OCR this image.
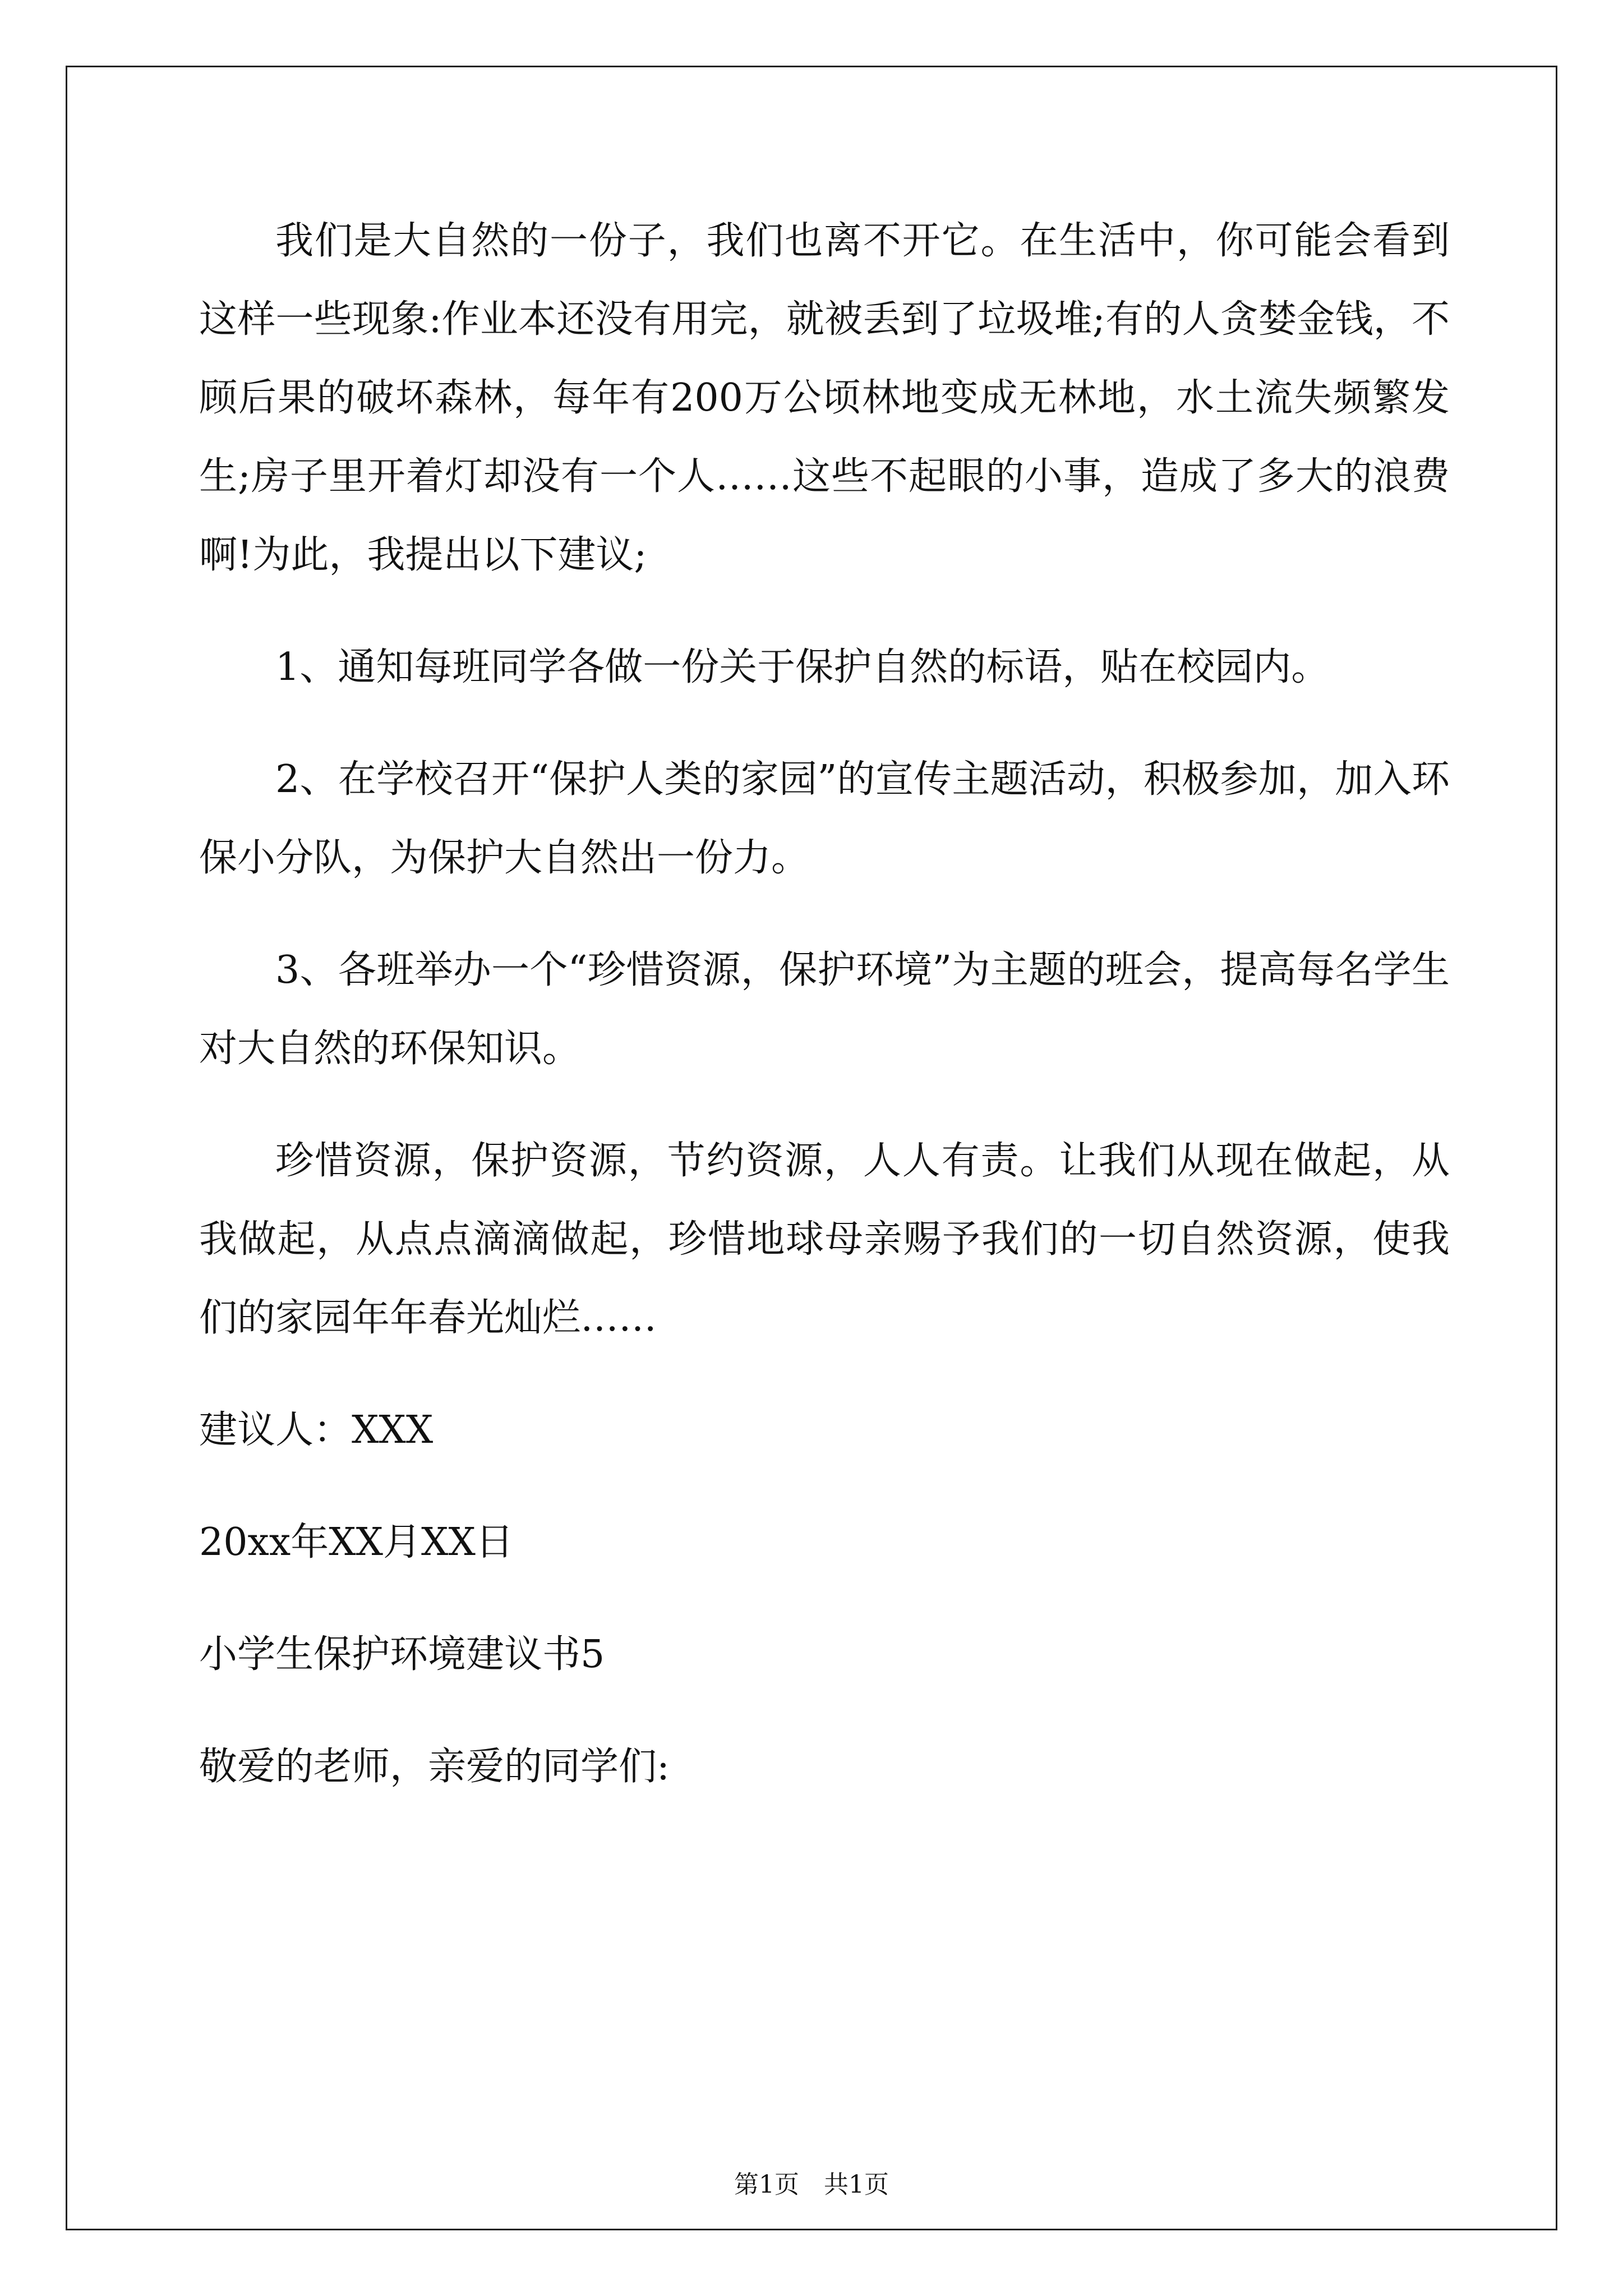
我们是大自然的一份子，我们也离不开它。在生活中，你可能会看到这样一些现象:作业本还没有用完，就被丢到了垃圾堆;有的人贪婪金钱，不顾后果的破坏森林，每年有200万公顷林地变成无林地，水土流失频繁发生;房子里开着灯却没有一个人……这些不起眼的小事，造成了多大的浪费啊!为此，我提出以下建议;

1、通知每班同学各做一份关于保护自然的标语，贴在校园内。

2、在学校召开“保护人类的家园”的宣传主题活动，积极参加，加入环保小分队，为保护大自然出一份力。

3、各班举办一个“珍惜资源，保护环境”为主题的班会，提高每名学生对大自然的环保知识。

珍惜资源，保护资源，节约资源，人人有责。让我们从现在做起，从我做起，从点点滴滴做起，珍惜地球母亲赐予我们的一切自然资源，使我们的家园年年春光灿烂……

建议人：XXX

20xx年XX月XX日

小学生保护环境建议书5

敬爱的老师，亲爱的同学们:

第1页　共1页
